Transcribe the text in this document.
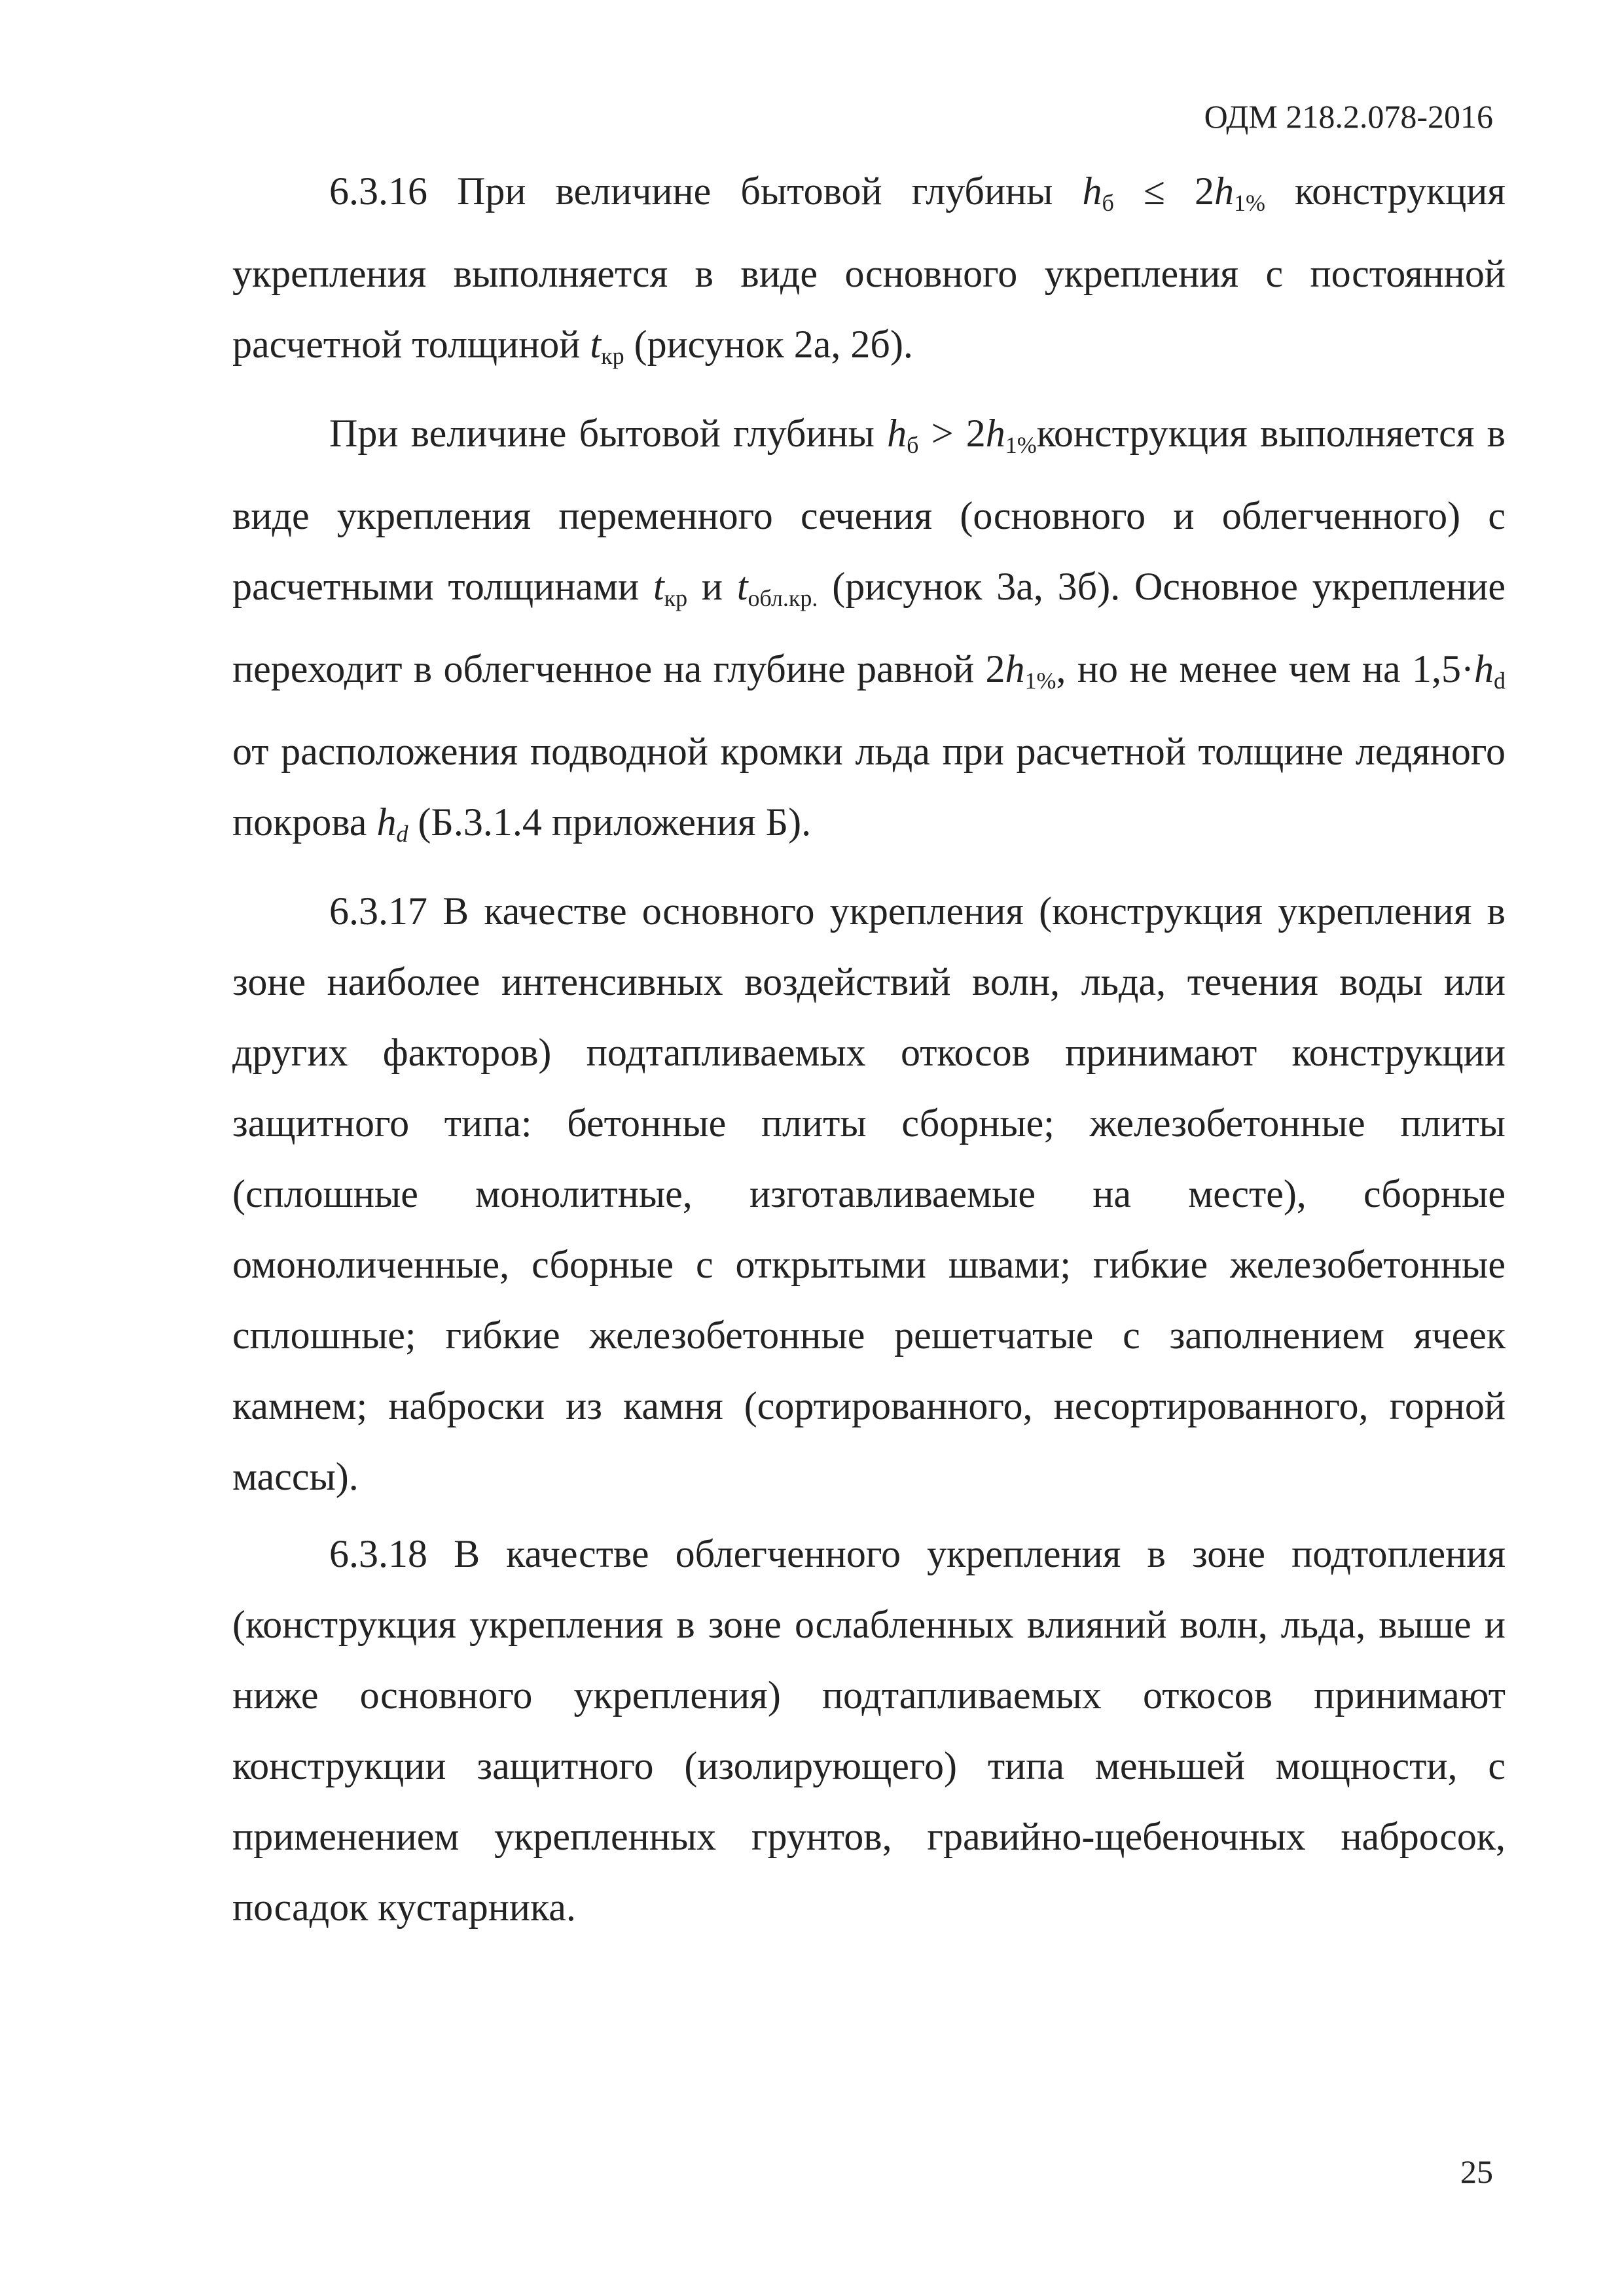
ОДМ 218.2.078-2016

6.3.16 При величине бытовой глубины $h_б \le 2h_{1\%}$ конструкция укрепления выполняется в виде основного укрепления с постоянной расчетной толщиной $t_{кр}$ (рисунок 2а, 2б).

При величине бытовой глубины $h_б$ > $2h_{1\%}конструкция$ выполняется в виде укрепления переменного сечения (основного и облегченного) с расчетными толщинами $t_{кр}$ и $t_{обл.кр.}$ (рисунок 3а, 3б). Основное укрепление переходит в облегченное на глубине равной $2h_{1\%}$, но не менее чем на $1,5\cdot h_d$ от расположения подводной кромки льда при расчетной толщине ледяного покрова hd (Б.3.1.4 приложения Б).

6.3.17 В качестве основного укрепления (конструкция укрепления в зоне наиболее интенсивных воздействий волн, льда, течения воды или других факторов) подтапливаемых откосов принимают конструкции защитного типа: бетонные плиты сборные; железобетонные плиты (сплошные монолитные, изготавливаемые на месте), сборные омоноличенные, сборные с открытыми швами; гибкие железобетонные сплошные; гибкие железобетонные решетчатые с заполнением ячеек камнем; наброски из камня (сортированного, несортированного, горной массы).

6.3.18 В качестве облегченного укрепления в зоне подтопления (конструкция укрепления в зоне ослабленных влияний волн, льда, выше и ниже основного укрепления) подтапливаемых откосов принимают конструкции защитного (изолирующего) типа меньшей мощности, с применением укрепленных грунтов, гравийно-щебеночных набросок, посадок кустарника.

25
